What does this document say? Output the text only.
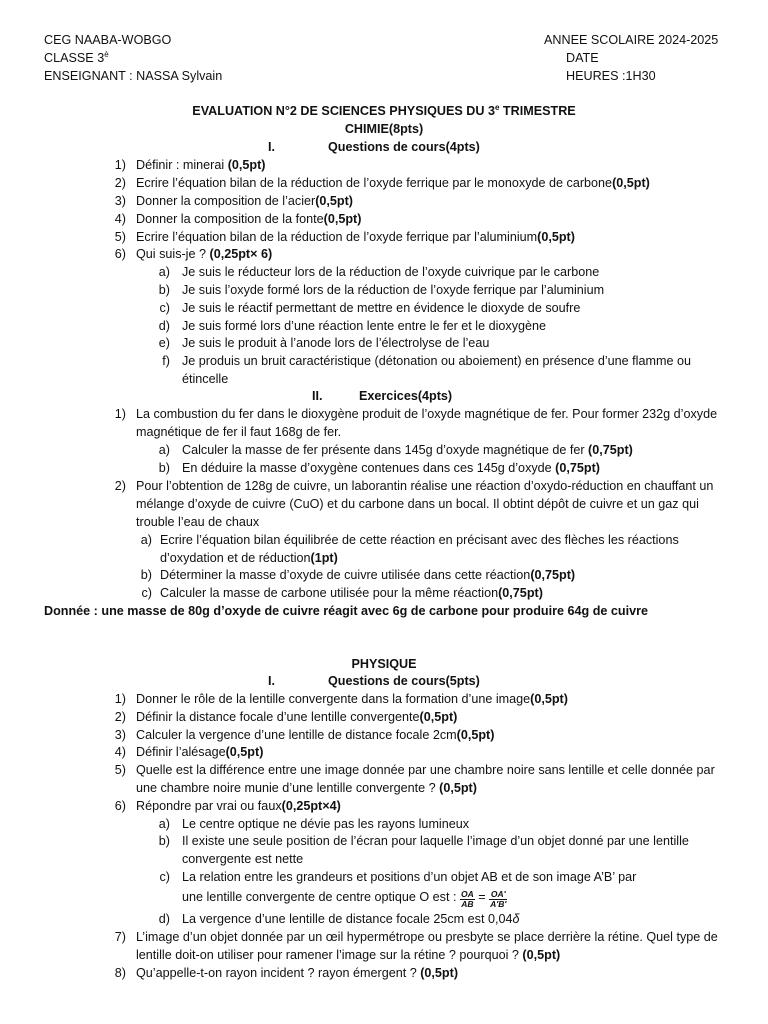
CEG NAABA-WOBGO
CLASSE $3^è$
ENSEIGNANT : NASSA Sylvain
ANNEE SCOLAIRE 2024-2025
DATE
HEURES :1H30
EVALUATION N°2 DE SCIENCES PHYSIQUES DU 3e TRIMESTRE
CHIMIE(8pts)
I.	Questions de cours(4pts)
1) Définir : minerai (0,5pt)
2) Ecrire l’équation bilan de la réduction de l’oxyde ferrique par le monoxyde de carbone(0,5pt)
3) Donner la composition de l’acier(0,5pt)
4) Donner la composition de la fonte(0,5pt)
5) Ecrire l’équation bilan de la réduction de l’oxyde ferrique par l’aluminium(0,5pt)
6) Qui suis-je ? (0,25pt× 6)
a) Je suis le réducteur lors de la réduction de l’oxyde cuivrique par le carbone
b) Je suis l’oxyde formé lors de la réduction de l’oxyde ferrique par l’aluminium
c) Je suis le réactif permettant de mettre en évidence le dioxyde de soufre
d) Je suis formé lors d’une réaction lente entre le fer et le dioxygène
e) Je suis le produit à l’anode lors de l’électrolyse de l’eau
f) Je produis un bruit caractéristique (détonation ou aboiement) en présence d’une flamme ou étincelle
II.	Exercices(4pts)
1) La combustion du fer dans le dioxygène produit de l’oxyde magnétique de fer. Pour former 232g d’oxyde magnétique de fer il faut 168g de fer.
a) Calculer la masse de fer présente dans 145g d’oxyde magnétique de fer (0,75pt)
b) En déduire la masse d’oxygène contenues dans ces 145g d’oxyde (0,75pt)
2) Pour l’obtention de 128g de cuivre, un laborantin réalise une réaction d’oxydo-réduction en chauffant un mélange d’oxyde de cuivre (CuO) et du carbone dans un bocal. Il obtint dépôt de cuivre et un gaz qui trouble l’eau de chaux
a) Ecrire l’équation bilan équilibrée de cette réaction en précisant avec des flèches les réactions d’oxydation et de réduction(1pt)
b) Déterminer la masse d’oxyde de cuivre utilisée dans cette réaction(0,75pt)
c) Calculer la masse de carbone utilisée pour la même réaction(0,75pt)
Donnée : une masse de 80g d’oxyde de cuivre réagit avec 6g de carbone pour produire 64g de cuivre
PHYSIQUE
I.	Questions de cours(5pts)
1) Donner le rôle de la lentille convergente dans la formation d’une image(0,5pt)
2) Définir la distance focale d’une lentille convergente(0,5pt)
3) Calculer la vergence d’une lentille de distance focale 2cm(0,5pt)
4) Définir l’alésage(0,5pt)
5) Quelle est la différence entre une image donnée par une chambre noire sans lentille et celle donnée par une chambre noire munie d’une lentille convergente ? (0,5pt)
6) Répondre par vrai ou faux(0,25pt×4)
a) Le centre optique ne dévie pas les rayons lumineux
b) Il existe une seule position de l’écran pour laquelle l’image d’un objet donné par une lentille convergente est nette
c) La relation entre les grandeurs et positions d’un objet AB et de son image A’B’ par
une lentille convergente de centre optique O est : $\frac{OA}{AB} = \frac{OA'}{A'B'}$
d) La vergence d’une lentille de distance focale 25cm est 0,04δ
7) L’image d’un objet donnée par un œil hypermétrope ou presbyte se place derrière la rétine. Quel type de lentille doit-on utiliser pour ramener l’image sur la rétine ? pourquoi ? (0,5pt)
8) Qu’appelle-t-on rayon incident ? rayon émergent ? (0,5pt)
